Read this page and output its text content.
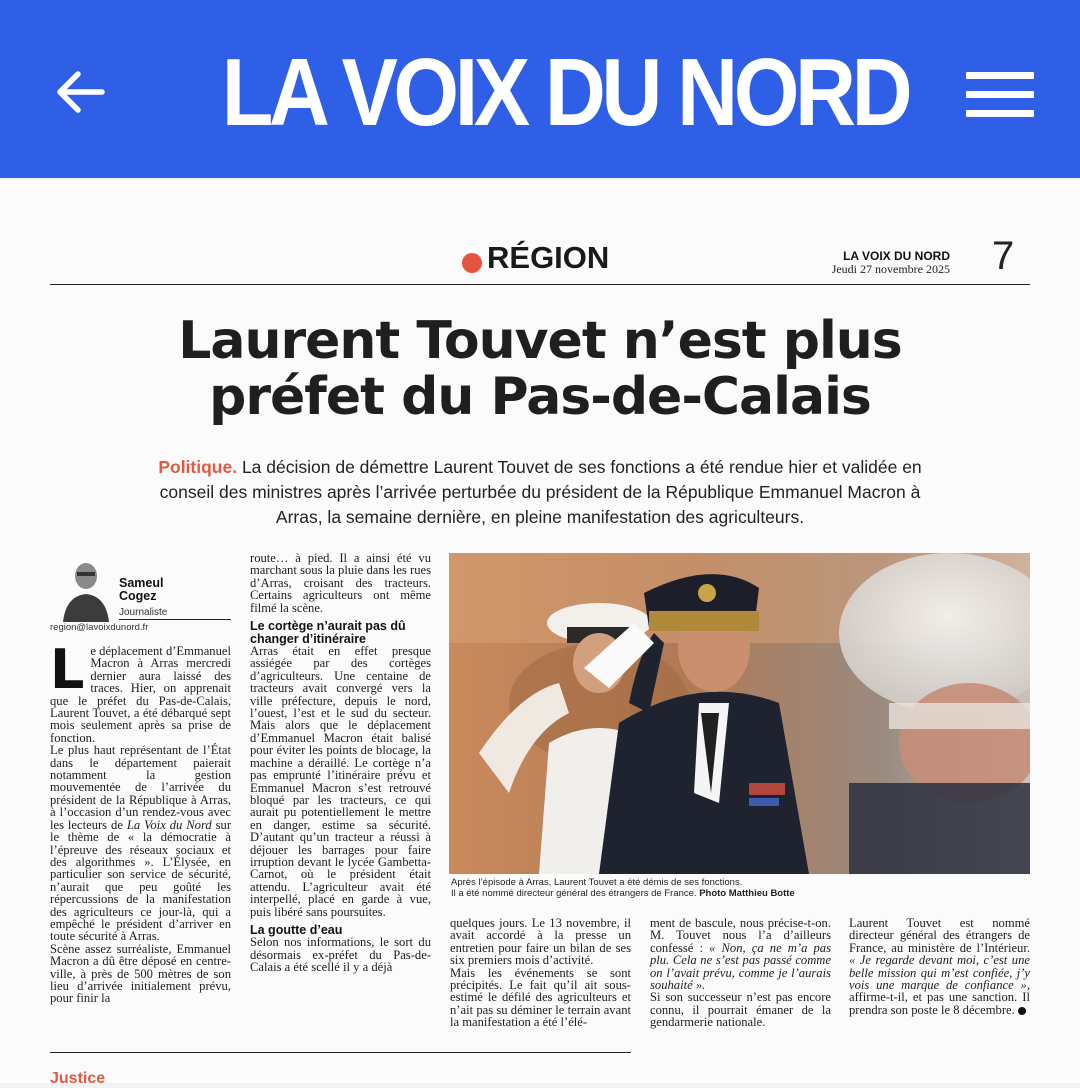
LA VOIX DU NORD
RÉGION	LA VOIX DU NORD
Jeudi 27 novembre 2025 7
Laurent Touvet n’est plus
préfet du Pas-de-Calais
Politique. La décision de démettre Laurent Touvet de ses fonctions a été rendue hier et validée en conseil des ministres après l’arrivée perturbée du président de la République Emmanuel Macron à Arras, la semaine dernière, en pleine manifestation des agriculteurs.
Sameul
Cogez
Journaliste
region@lavoixdunord.fr

L e déplacement d’Emmanuel Macron à Arras mercredi dernier aura laissé des traces. Hier, on apprenait que le préfet du Pas-de-Calais, Laurent Touvet, a été débarqué sept mois seulement après sa prise de fonction.

Le plus haut représentant de l’État dans le département paierait notamment la gestion mouvementée de l’arrivée du président de la République à Arras, à l’occasion d’un rendez-vous avec les lecteurs de La Voix du Nord sur le thème de « la démocratie à l’épreuve des réseaux sociaux et des algorithmes ». L’Élysée, en particulier son service de sécurité, n’aurait que peu goûté les répercussions de la manifestation des agriculteurs ce jour-là, qui a empêché le président d’arriver en toute sécurité à Arras.

Scène assez surréaliste, Emmanuel Macron a dû être déposé en centre-ville, à près de 500 mètres de son lieu d’arrivée initialement prévu, pour finir la

route… à pied. Il a ainsi été vu marchant sous la pluie dans les rues d’Arras, croisant des tracteurs. Certains agriculteurs ont même filmé la scène.

Le cortège n’aurait pas dû changer d’itinéraire

Arras était en effet presque assiégée par des cortèges d’agriculteurs. Une centaine de tracteurs avait convergé vers la ville préfecture, depuis le nord, l’ouest, l’est et le sud du secteur. Mais alors que le déplacement d’Emmanuel Macron était balisé pour éviter les points de blocage, la machine a déraillé. Le cortège n’a pas emprunté l’itinéraire prévu et Emmanuel Macron s’est retrouvé bloqué par les tracteurs, ce qui aurait pu potentiellement le mettre en danger, estime sa sécurité. D’autant qu’un tracteur a réussi à déjouer les barrages pour faire irruption devant le lycée Gambetta-Carnot, où le président était attendu. L’agriculteur avait été interpellé, placé en garde à vue, puis libéré sans poursuites.

La goutte d’eau

Selon nos informations, le sort du désormais ex-préfet du Pas-de-Calais a été scellé il y a déjà

Après l’épisode à Arras, Laurent Touvet a été démis de ses fonctions.
Il a été nommé directeur général des étrangers de France. Photo Matthieu Botte

quelques jours. Le 13 novembre, il avait accordé à la presse un entretien pour faire un bilan de ses six premiers mois d’activité.

Mais les événements se sont précipités. Le fait qu’il ait sous-estimé le défilé des agriculteurs et n’ait pas su déminer le terrain avant la manifestation a été l’élé-

ment de bascule, nous précise-t-on. M. Touvet nous l’a d’ailleurs confessé : « Non, ça ne m’a pas plu. Cela ne s’est pas passé comme on l’avait prévu, comme je l’aurais souhaité ».

Si son successeur n’est pas encore connu, il pourrait émaner de la gendarmerie nationale.

Laurent Touvet est nommé directeur général des étrangers de France, au ministère de l’Intérieur. « Je regarde devant moi, c’est une belle mission qui m’est confiée, j’y vois une marque de confiance », affirme-t-il, et pas une sanction. Il prendra son poste le 8 décembre.

Justice
